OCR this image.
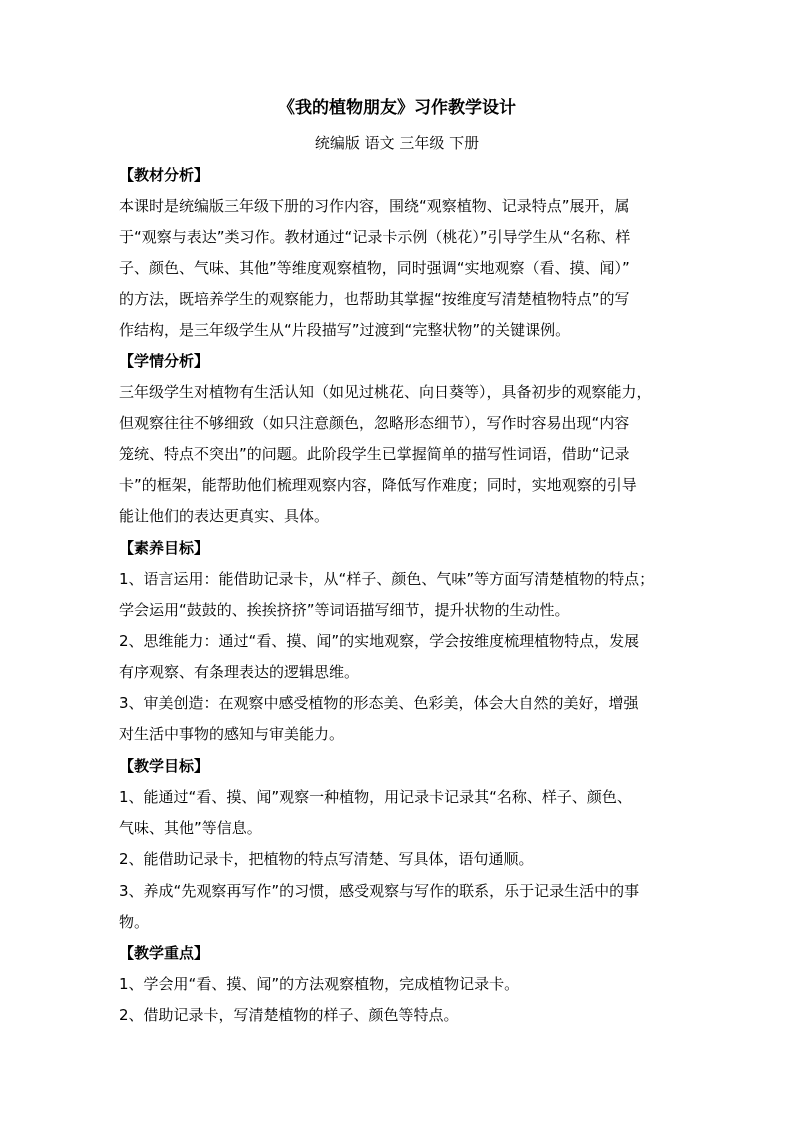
《我的植物朋友》习作教学设计
统编版 语文 三年级 下册
【教材分析】
本课时是统编版三年级下册的习作内容，围绕“观察植物、记录特点”展开，属
于“观察与表达”类习作。教材通过“记录卡示例（桃花）”引导学生从“名称、样
子、颜色、气味、其他”等维度观察植物，同时强调“实地观察（看、摸、闻）”
的方法，既培养学生的观察能力，也帮助其掌握“按维度写清楚植物特点”的写
作结构，是三年级学生从“片段描写”过渡到“完整状物”的关键课例。
【学情分析】
三年级学生对植物有生活认知（如见过桃花、向日葵等），具备初步的观察能力，
但观察往往不够细致（如只注意颜色，忽略形态细节），写作时容易出现“内容
笼统、特点不突出”的问题。此阶段学生已掌握简单的描写性词语，借助“记录
卡”的框架，能帮助他们梳理观察内容，降低写作难度；同时，实地观察的引导
能让他们的表达更真实、具体。
【素养目标】
1、语言运用：能借助记录卡，从“样子、颜色、气味”等方面写清楚植物的特点；
学会运用“鼓鼓的、挨挨挤挤”等词语描写细节，提升状物的生动性。
2、思维能力：通过“看、摸、闻”的实地观察，学会按维度梳理植物特点，发展
有序观察、有条理表达的逻辑思维。
3、审美创造：在观察中感受植物的形态美、色彩美，体会大自然的美好，增强
对生活中事物的感知与审美能力。
【教学目标】
1、能通过“看、摸、闻”观察一种植物，用记录卡记录其“名称、样子、颜色、
气味、其他”等信息。
2、能借助记录卡，把植物的特点写清楚、写具体，语句通顺。
3、养成“先观察再写作”的习惯，感受观察与写作的联系，乐于记录生活中的事
物。
【教学重点】
1、学会用“看、摸、闻”的方法观察植物，完成植物记录卡。
2、借助记录卡，写清楚植物的样子、颜色等特点。
